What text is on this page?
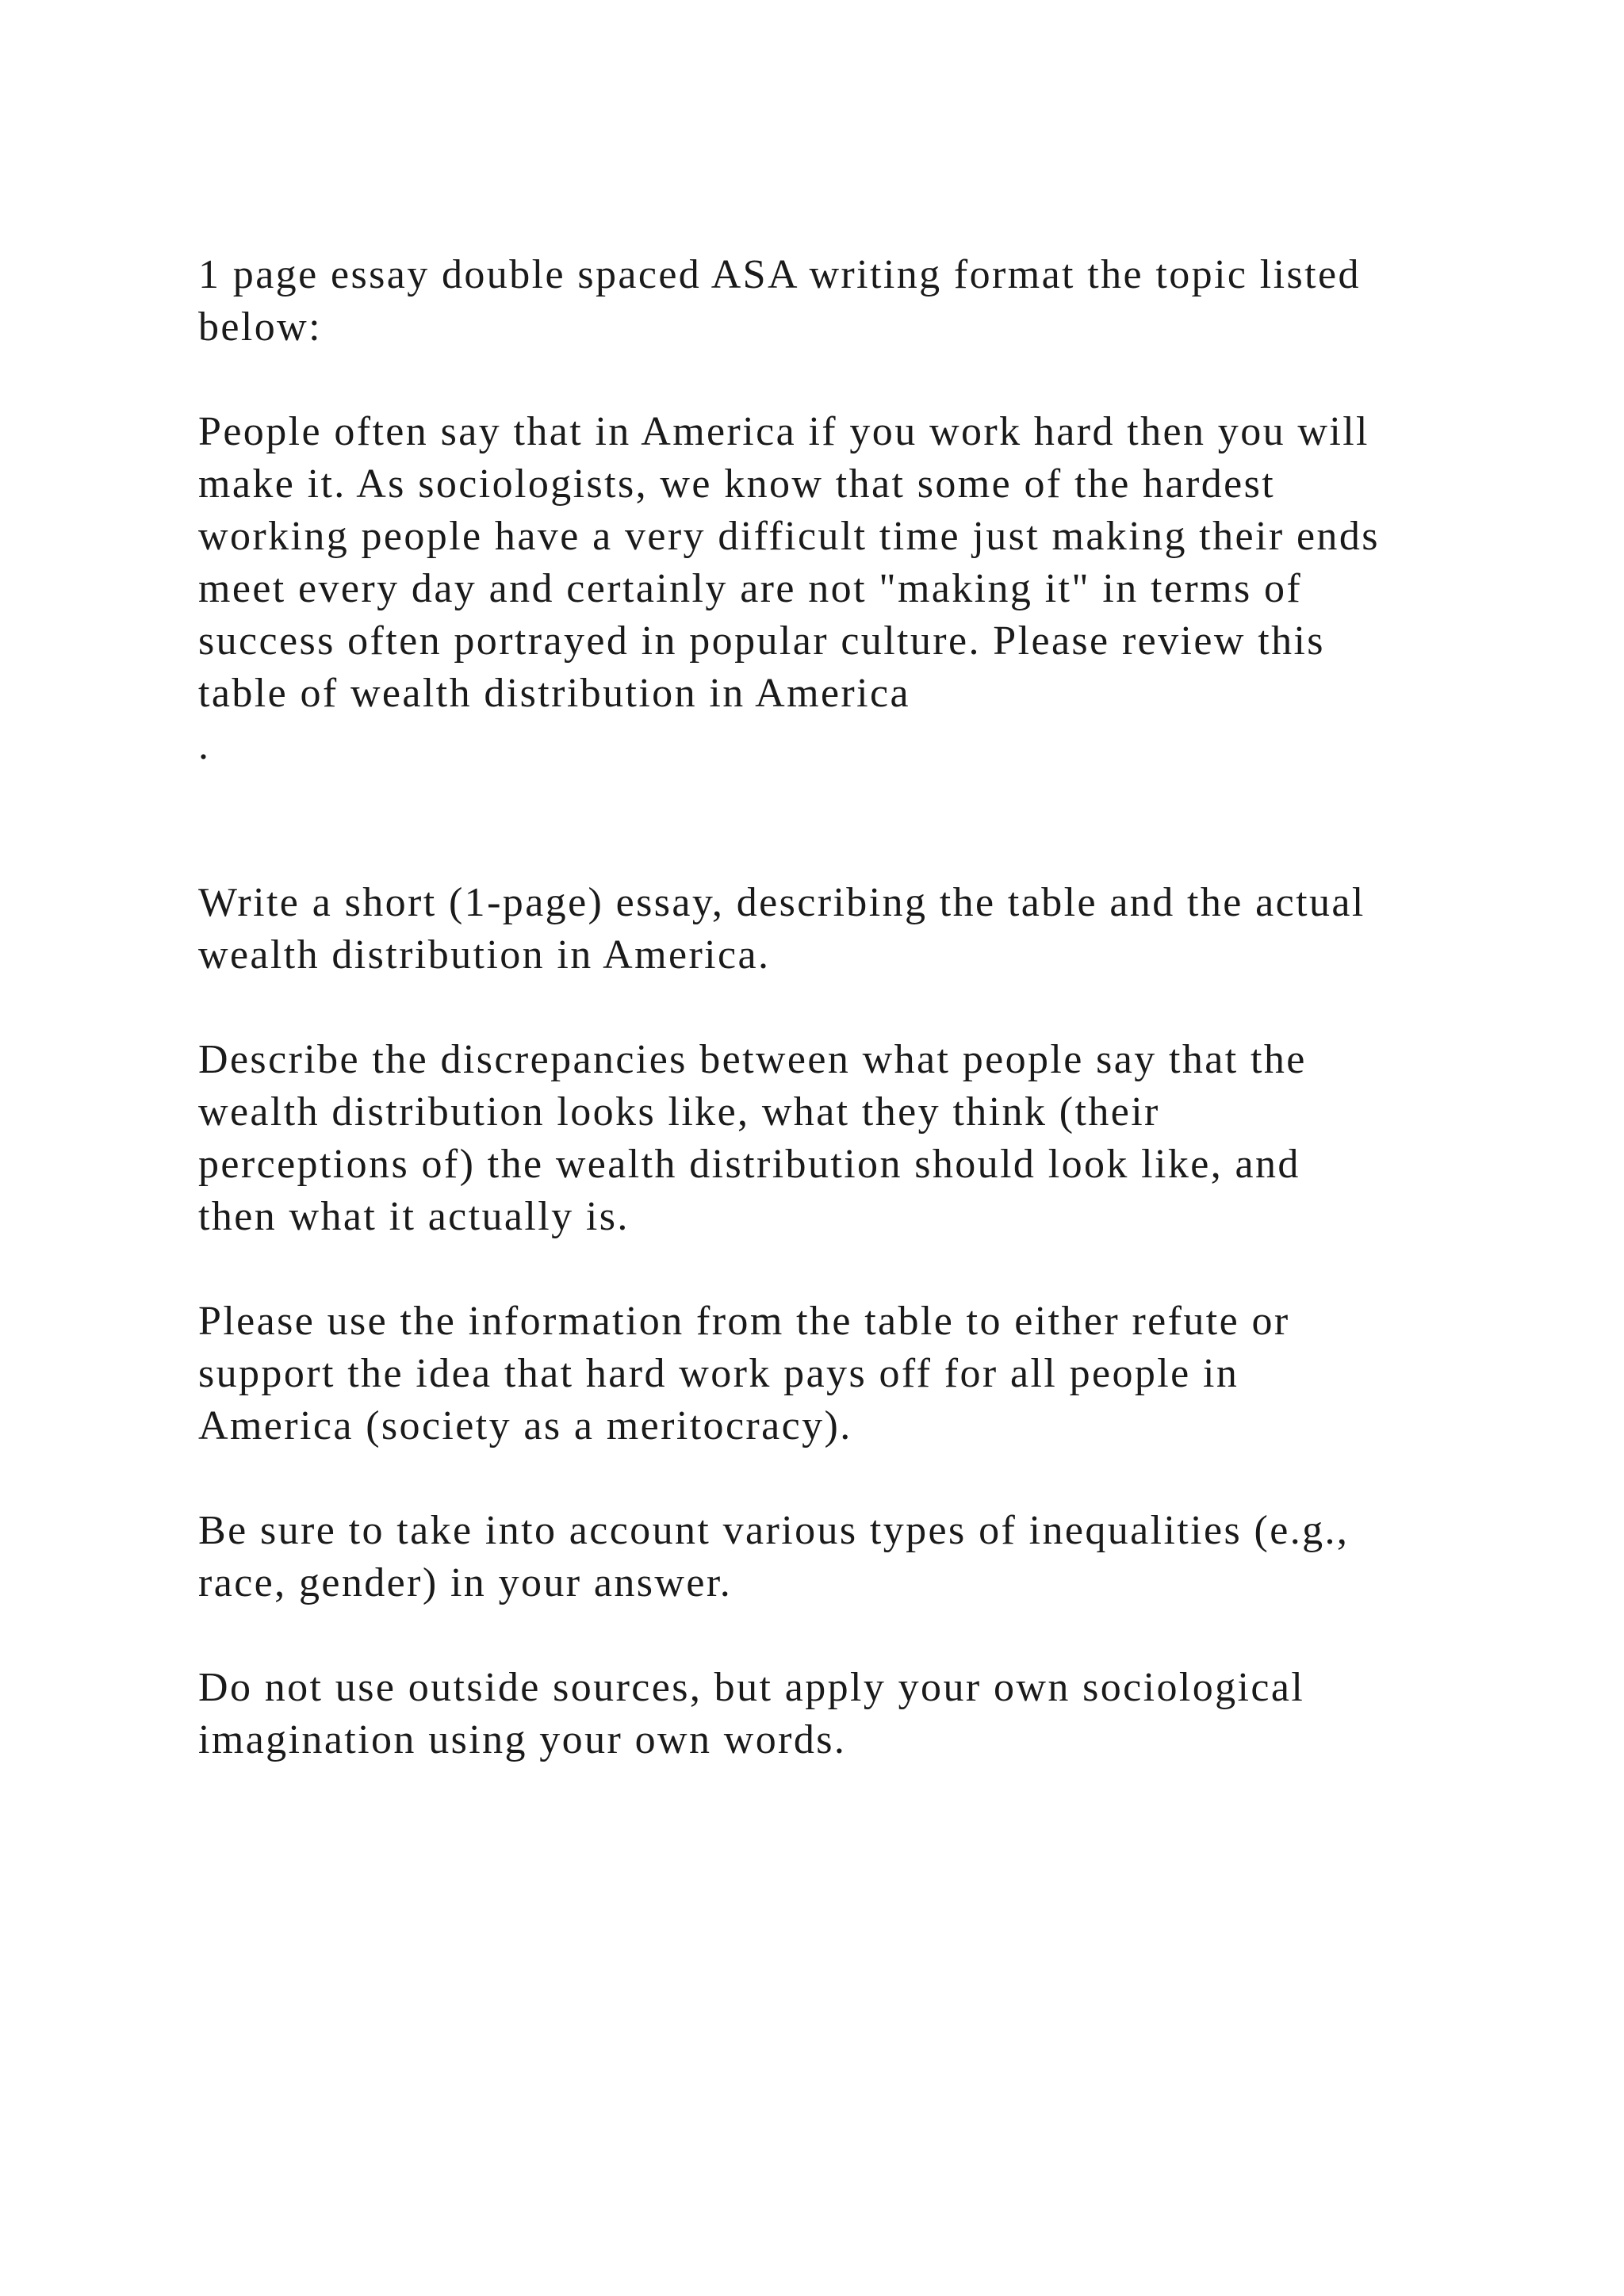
1 page essay double spaced ASA writing format the topic listed
below:

People often say that in America if you work hard then you will
make it. As sociologists, we know that some of the hardest
working people have a very difficult time just making their ends
meet every day and certainly are not "making it" in terms of
success often portrayed in popular culture. Please review this
table of wealth distribution in America

.

Write a short (1-page) essay, describing the table and the actual
wealth distribution in America.

Describe the discrepancies between what people say that the
wealth distribution looks like, what they think (their
perceptions of) the wealth distribution should look like, and
then what it actually is.

Please use the information from the table to either refute or
support the idea that hard work pays off for all people in
America (society as a meritocracy).

Be sure to take into account various types of inequalities (e.g.,
race, gender) in your answer.

Do not use outside sources, but apply your own sociological
imagination using your own words.
